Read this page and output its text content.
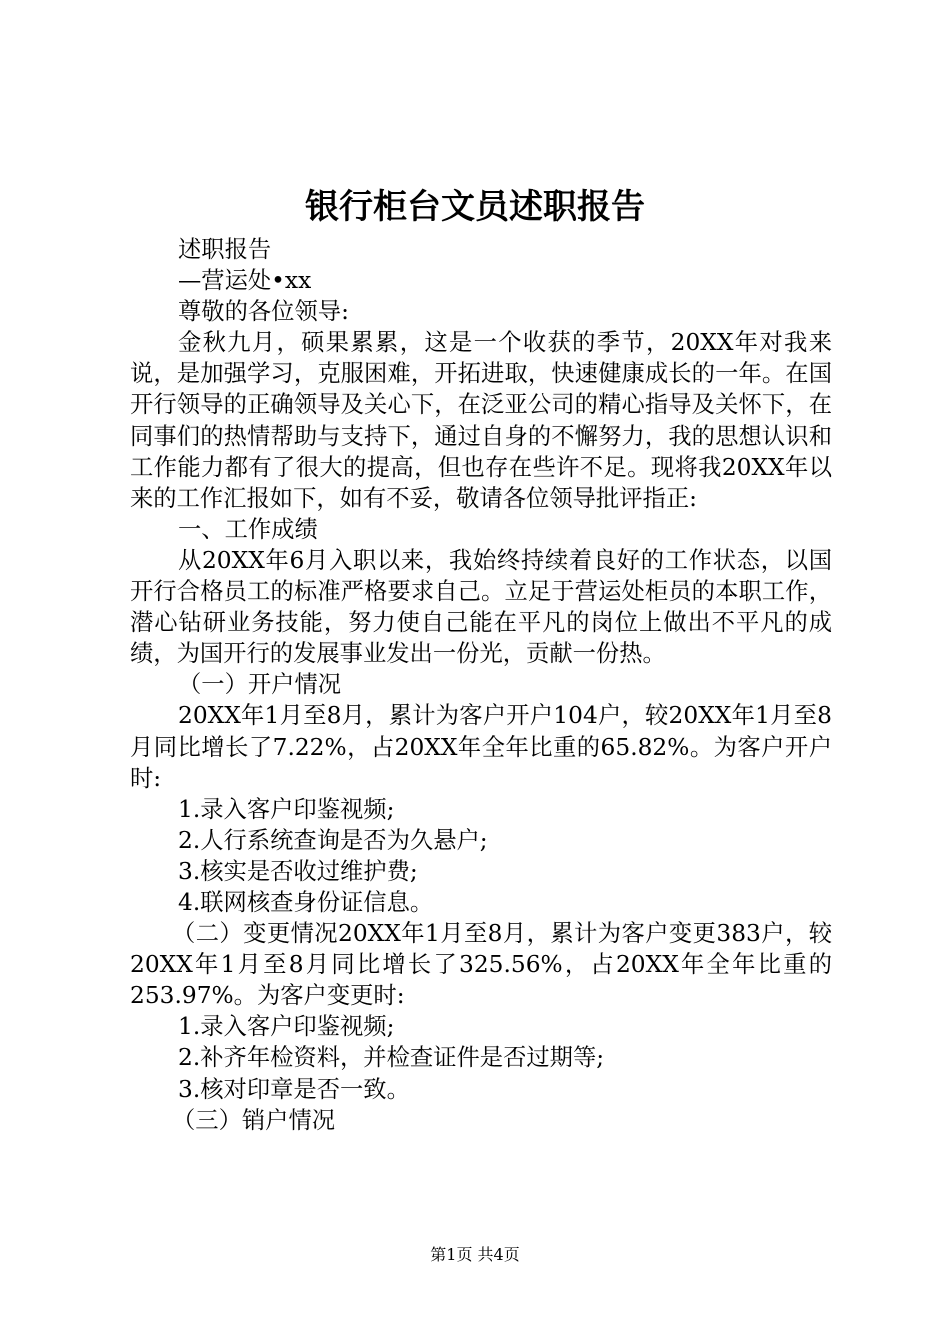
银行柜台文员述职报告

述职报告

—营运处•xx

尊敬的各位领导:

金秋九月，硕果累累，这是一个收获的季节，20XX年对我来说，是加强学习，克服困难，开拓进取，快速健康成长的一年。在国开行领导的正确领导及关心下，在泛亚公司的精心指导及关怀下，在同事们的热情帮助与支持下，通过自身的不懈努力，我的思想认识和工作能力都有了很大的提高，但也存在些许不足。现将我20XX年以来的工作汇报如下，如有不妥，敬请各位领导批评指正:

一、工作成绩

从20XX年6月入职以来，我始终持续着良好的工作状态，以国开行合格员工的标准严格要求自己。立足于营运处柜员的本职工作，潜心钻研业务技能，努力使自己能在平凡的岗位上做出不平凡的成绩，为国开行的发展事业发出一份光，贡献一份热。

（一）开户情况

20XX年1月至8月，累计为客户开户104户，较20XX年1月至8月同比增长了7.22%，占20XX年全年比重的65.82%。为客户开户时:

1.录入客户印鉴视频;

2.人行系统查询是否为久悬户;

3.核实是否收过维护费;

4.联网核查身份证信息。

（二）变更情况20XX年1月至8月，累计为客户变更383户，较20XX年1月至8月同比增长了325.56%，占20XX年全年比重的253.97%。为客户变更时:

1.录入客户印鉴视频;

2.补齐年检资料，并检查证件是否过期等;

3.核对印章是否一致。

（三）销户情况

第1页 共4页
